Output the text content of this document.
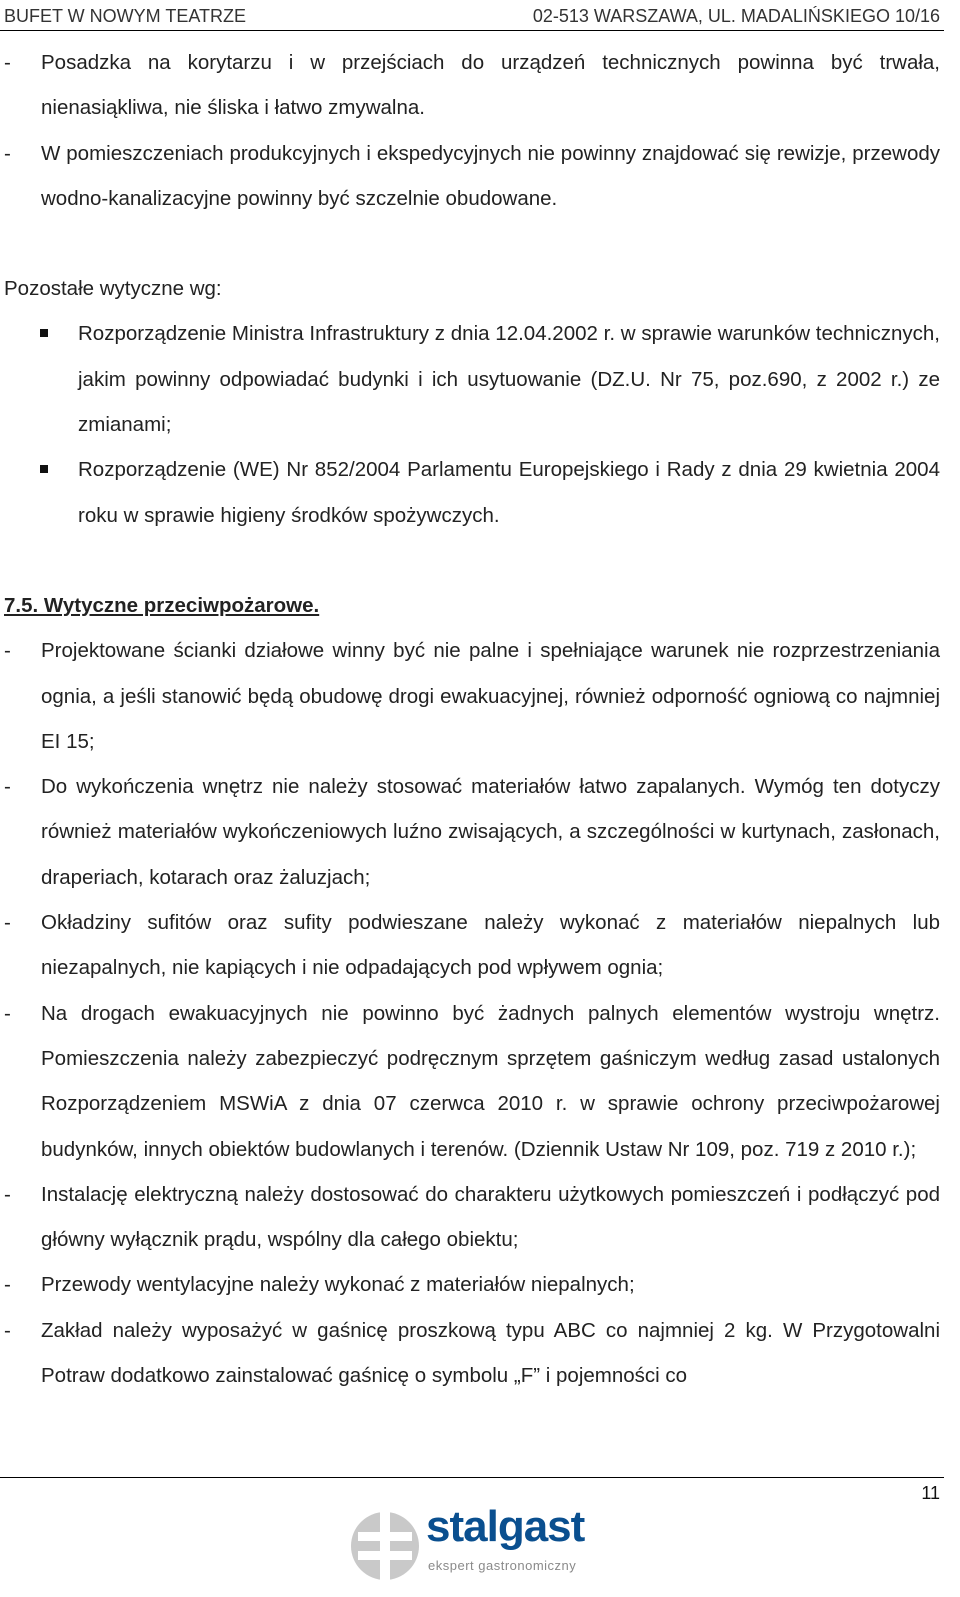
BUFET W NOWYM TEATRZE	02-513 WARSZAWA, UL. MADALIŃSKIEGO 10/16

- Posadzka na korytarzu i w przejściach do urządzeń technicznych powinna być trwała, nienasiąkliwa, nie śliska i łatwo zmywalna.

- W pomieszczeniach produkcyjnych i ekspedycyjnych nie powinny znajdować się rewizje, przewody wodno-kanalizacyjne powinny być szczelnie obudowane.

Pozostałe wytyczne wg:

Rozporządzenie Ministra Infrastruktury z dnia 12.04.2002 r. w sprawie warunków technicznych, jakim powinny odpowiadać budynki i ich usytuowanie (DZ.U. Nr 75, poz.690, z 2002 r.) ze zmianami;

Rozporządzenie (WE) Nr 852/2004 Parlamentu Europejskiego i Rady z dnia 29 kwietnia 2004 roku w sprawie higieny środków spożywczych.

7.5. Wytyczne przeciwpożarowe.

- Projektowane ścianki działowe winny być nie palne i spełniające warunek nie rozprzestrzeniania ognia, a jeśli stanowić będą obudowę drogi ewakuacyjnej, również odporność ogniową co najmniej EI 15;

- Do wykończenia wnętrz nie należy stosować materiałów łatwo zapalanych. Wymóg ten dotyczy również materiałów wykończeniowych luźno zwisających, a szczególności w kurtynach, zasłonach, draperiach, kotarach oraz żaluzjach;

- Okładziny sufitów oraz sufity podwieszane należy wykonać z materiałów niepalnych lub niezapalnych, nie kapiących i nie odpadających pod wpływem ognia;

- Na drogach ewakuacyjnych nie powinno być żadnych palnych elementów wystroju wnętrz. Pomieszczenia należy zabezpieczyć podręcznym sprzętem gaśniczym według zasad ustalonych Rozporządzeniem MSWiA z dnia 07 czerwca 2010 r. w sprawie ochrony przeciwpożarowej budynków, innych obiektów budowlanych i terenów. (Dziennik Ustaw Nr 109, poz. 719 z 2010 r.);

- Instalację elektryczną należy dostosować do charakteru użytkowych pomieszczeń i podłączyć pod główny wyłącznik prądu, wspólny dla całego obiektu;

- Przewody wentylacyjne należy wykonać z materiałów niepalnych;

- Zakład należy wyposażyć w gaśnicę proszkową typu ABC co najmniej 2 kg. W Przygotowalni Potraw dodatkowo zainstalować gaśnicę o symbolu „F” i pojemności co

11
stalgast
ekspert gastronomiczny
